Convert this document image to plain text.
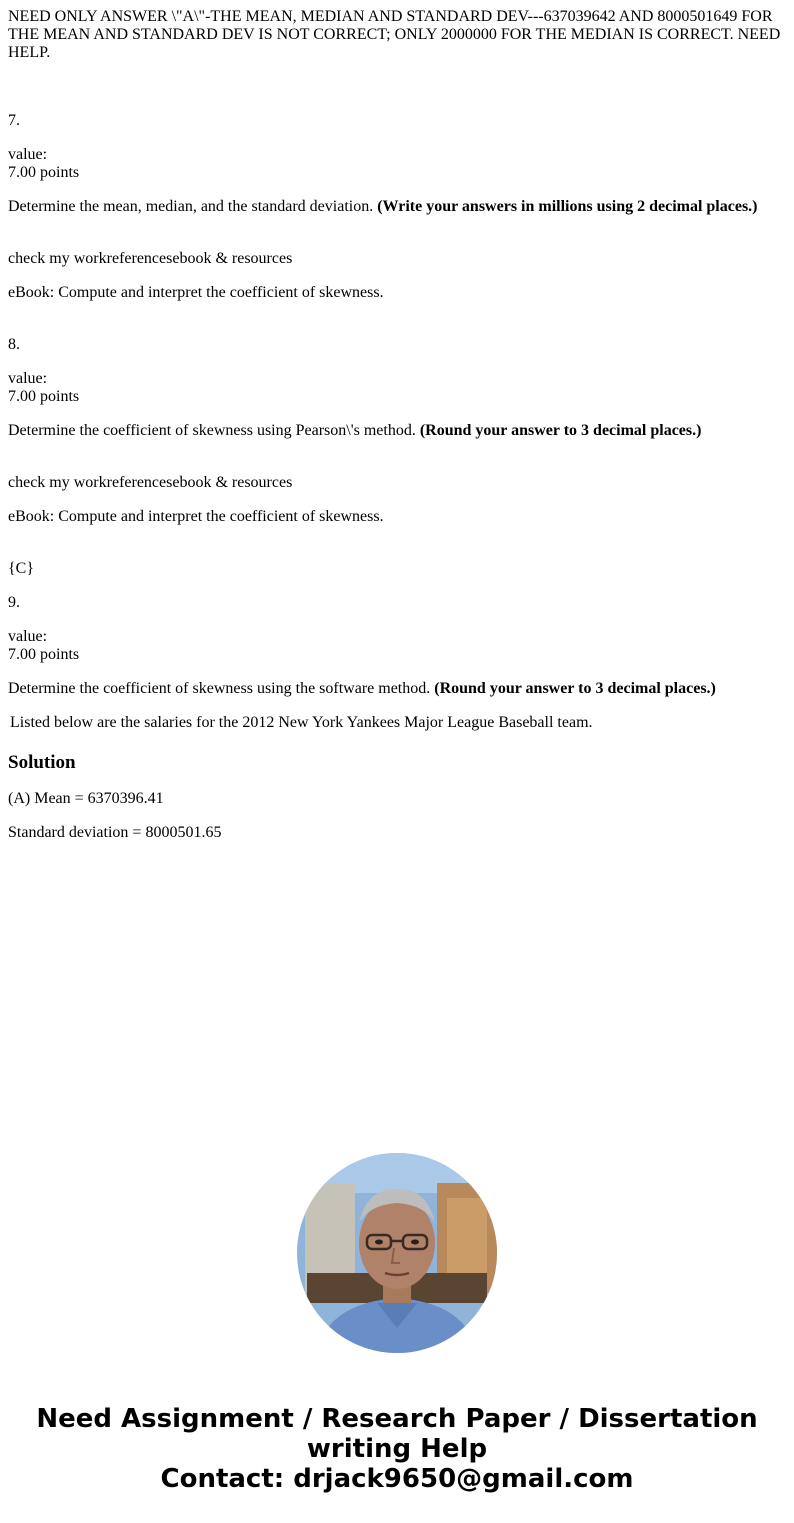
NEED ONLY ANSWER \"A\"-THE MEAN, MEDIAN AND STANDARD DEV---637039642 AND 8000501649 FOR THE MEAN AND STANDARD DEV IS NOT CORRECT; ONLY 2000000 FOR THE MEDIAN IS CORRECT. NEED HELP.

7.

value:
7.00 points

Determine the mean, median, and the standard deviation. (Write your answers in millions using 2 decimal places.)

check my workreferencesebook & resources

eBook: Compute and interpret the coefficient of skewness.

8.

value:
7.00 points

Determine the coefficient of skewness using Pearson\'s method. (Round your answer to 3 decimal places.)

check my workreferencesebook & resources

eBook: Compute and interpret the coefficient of skewness.

{C}

9.

value:
7.00 points

Determine the coefficient of skewness using the software method. (Round your answer to 3 decimal places.)

Listed below are the salaries for the 2012 New York Yankees Major League Baseball team.

Solution

(A) Mean = 6370396.41

Standard deviation = 8000501.65

Need Assignment / Research Paper / Dissertation
writing Help
Contact: drjack9650@gmail.com
